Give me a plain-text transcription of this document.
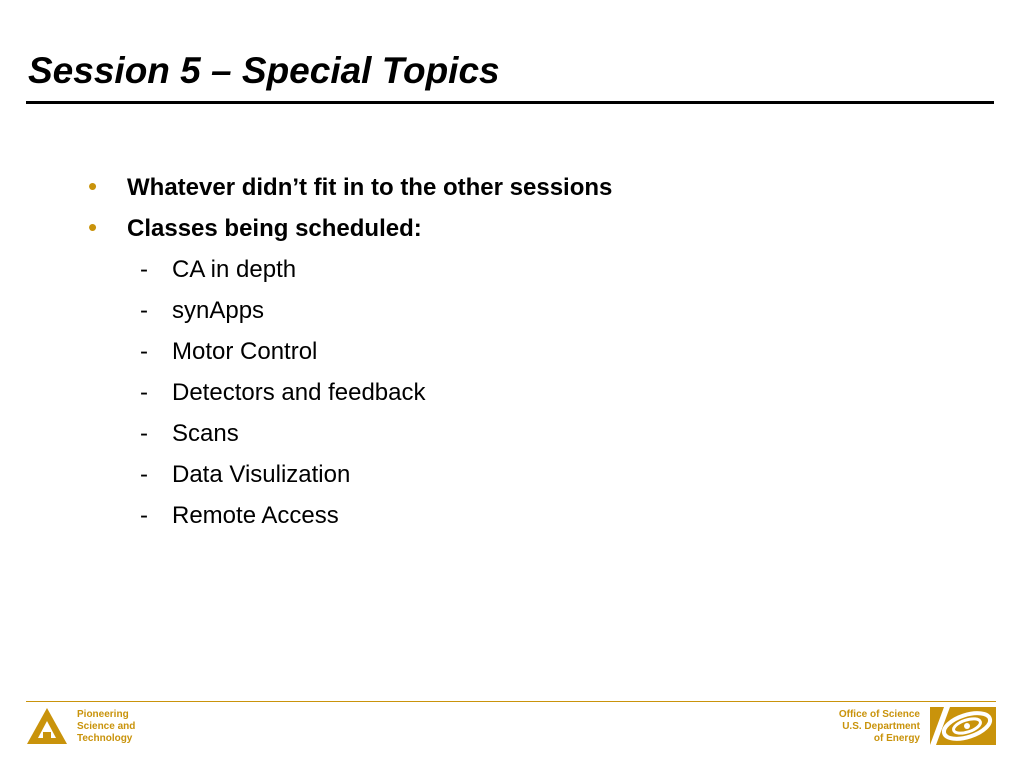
Session 5 – Special Topics
• Whatever didn’t fit in to the other sessions
• Classes being scheduled:
- CA in depth
- synApps
- Motor Control
- Detectors and feedback
- Scans
- Data Visulization
- Remote Access
Pioneering
Science and
Technology
Office of Science
U.S. Department
of Energy
